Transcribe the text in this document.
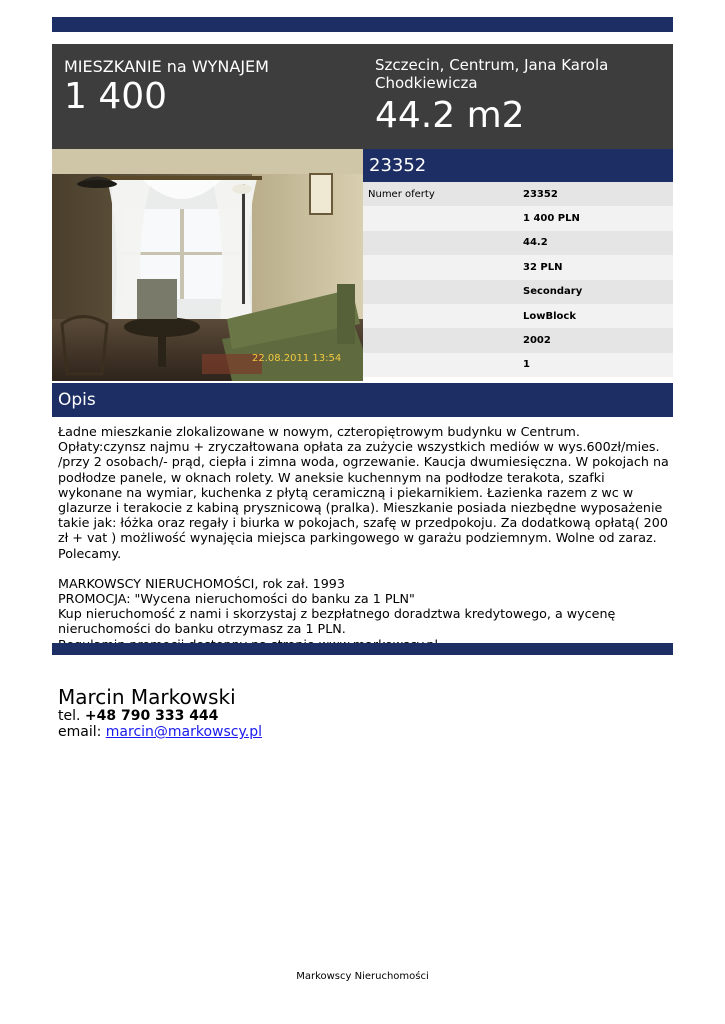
MIESZKANIE na WYNAJEM
1 400
Szczecin, Centrum, Jana Karola Chodkiewicza
44.2 m2
22.08.2011 13:54
23352
Numer oferty	23352
	1 400 PLN
	44.2
	32 PLN
	Secondary
	LowBlock
	2002
	1
Opis

Ładne mieszkanie zlokalizowane w nowym, czteropiętrowym budynku w Centrum. Opłaty:czynsz najmu + zryczałtowana opłata za zużycie wszystkich mediów w wys.600zł/mies. /przy 2 osobach/- prąd, ciepła i zimna woda, ogrzewanie. Kaucja dwumiesięczna. W pokojach na podłodze panele, w oknach rolety. W aneksie kuchennym na podłodze terakota, szafki wykonane na wymiar, kuchenka z płytą ceramiczną i piekarnikiem. Łazienka razem z wc w glazurze i terakocie z kabiną prysznicową (pralka). Mieszkanie posiada niezbędne wyposażenie takie jak: łóżka oraz regały i biurka w pokojach, szafę w przedpokoju. Za dodatkową opłatą( 200 zł + vat ) możliwość wynajęcia miejsca parkingowego w garażu podziemnym. Wolne od zaraz. Polecamy.

MARKOWSCY NIERUCHOMOŚCI, rok zał. 1993

PROMOCJA: "Wycena nieruchomości do banku za 1 PLN"

Kup nieruchomość z nami i skorzystaj z bezpłatnego doradztwa kredytowego, a wycenę nieruchomości do banku otrzymasz za 1 PLN.

Marcin Markowski
tel. +48 790 333 444
email: marcin@markowscy.pl
Markowscy Nieruchomości
